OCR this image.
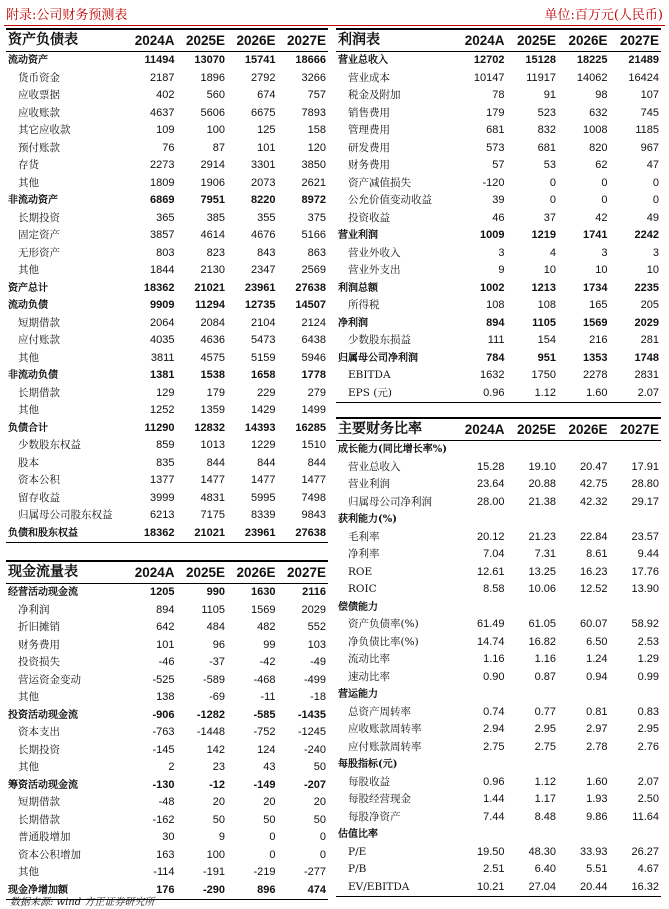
附录:公司财务预测表	单位:百万元(人民币)
资产负债表	2024A	2025E	2026E	2027E
流动资产	11494	13070	15741	18666
货币资金	2187	1896	2792	3266
应收票据	402	560	674	757
应收账款	4637	5606	6675	7893
其它应收款	109	100	125	158
预付账款	76	87	101	120
存货	2273	2914	3301	3850
其他	1809	1906	2073	2621
非流动资产	6869	7951	8220	8972
长期投资	365	385	355	375
固定资产	3857	4614	4676	5166
无形资产	803	823	843	863
其他	1844	2130	2347	2569
资产总计	18362	21021	23961	27638
流动负债	9909	11294	12735	14507
短期借款	2064	2084	2104	2124
应付账款	4035	4636	5473	6438
其他	3811	4575	5159	5946
非流动负债	1381	1538	1658	1778
长期借款	129	179	229	279
其他	1252	1359	1429	1499
负债合计	11290	12832	14393	16285
少数股东权益	859	1013	1229	1510
股本	835	844	844	844
资本公积	1377	1477	1477	1477
留存收益	3999	4831	5995	7498
归属母公司股东权益	6213	7175	8339	9843
负债和股东权益	18362	21021	23961	27638
现金流量表	2024A	2025E	2026E	2027E
经营活动现金流	1205	990	1630	2116
净利润	894	1105	1569	2029
折旧摊销	642	484	482	552
财务费用	101	96	99	103
投资损失	-46	-37	-42	-49
营运资金变动	-525	-589	-468	-499
其他	138	-69	-11	-18
投资活动现金流	-906	-1282	-585	-1435
资本支出	-763	-1448	-752	-1245
长期投资	-145	142	124	-240
其他	2	23	43	50
筹资活动现金流	-130	-12	-149	-207
短期借款	-48	20	20	20
长期借款	-162	50	50	50
普通股增加	30	9	0	0
资本公积增加	163	100	0	0
其他	-114	-191	-219	-277
现金净增加额	176	-290	896	474
利润表	2024A	2025E	2026E	2027E
营业总收入	12702	15128	18225	21489
营业成本	10147	11917	14062	16424
税金及附加	78	91	98	107
销售费用	179	523	632	745
管理费用	681	832	1008	1185
研发费用	573	681	820	967
财务费用	57	53	62	47
资产减值损失	-120	0	0	0
公允价值变动收益	39	0	0	0
投资收益	46	37	42	49
营业利润	1009	1219	1741	2242
营业外收入	3	4	3	3
营业外支出	9	10	10	10
利润总额	1002	1213	1734	2235
所得税	108	108	165	205
净利润	894	1105	1569	2029
少数股东损益	111	154	216	281
归属母公司净利润	784	951	1353	1748
EBITDA	1632	1750	2278	2831
EPS (元)	0.96	1.12	1.60	2.07
主要财务比率	2024A	2025E	2026E	2027E
成长能力(同比增长率%)				
营业总收入	15.28	19.10	20.47	17.91
营业利润	23.64	20.88	42.75	28.80
归属母公司净利润	28.00	21.38	42.32	29.17
获利能力(%)				
毛利率	20.12	21.23	22.84	23.57
净利率	7.04	7.31	8.61	9.44
ROE	12.61	13.25	16.23	17.76
ROIC	8.58	10.06	12.52	13.90
偿债能力				
资产负债率(%)	61.49	61.05	60.07	58.92
净负债比率(%)	14.74	16.82	6.50	2.53
流动比率	1.16	1.16	1.24	1.29
速动比率	0.90	0.87	0.94	0.99
营运能力				
总资产周转率	0.74	0.77	0.81	0.83
应收账款周转率	2.94	2.95	2.97	2.95
应付账款周转率	2.75	2.75	2.78	2.76
每股指标(元)				
每股收益	0.96	1.12	1.60	2.07
每股经营现金	1.44	1.17	1.93	2.50
每股净资产	7.44	8.48	9.86	11.64
估值比率				
P/E	19.50	48.30	33.93	26.27
P/B	2.51	6.40	5.51	4.67
EV/EBITDA	10.21	27.04	20.44	16.32
数据来源: wind 方正证券研究所
